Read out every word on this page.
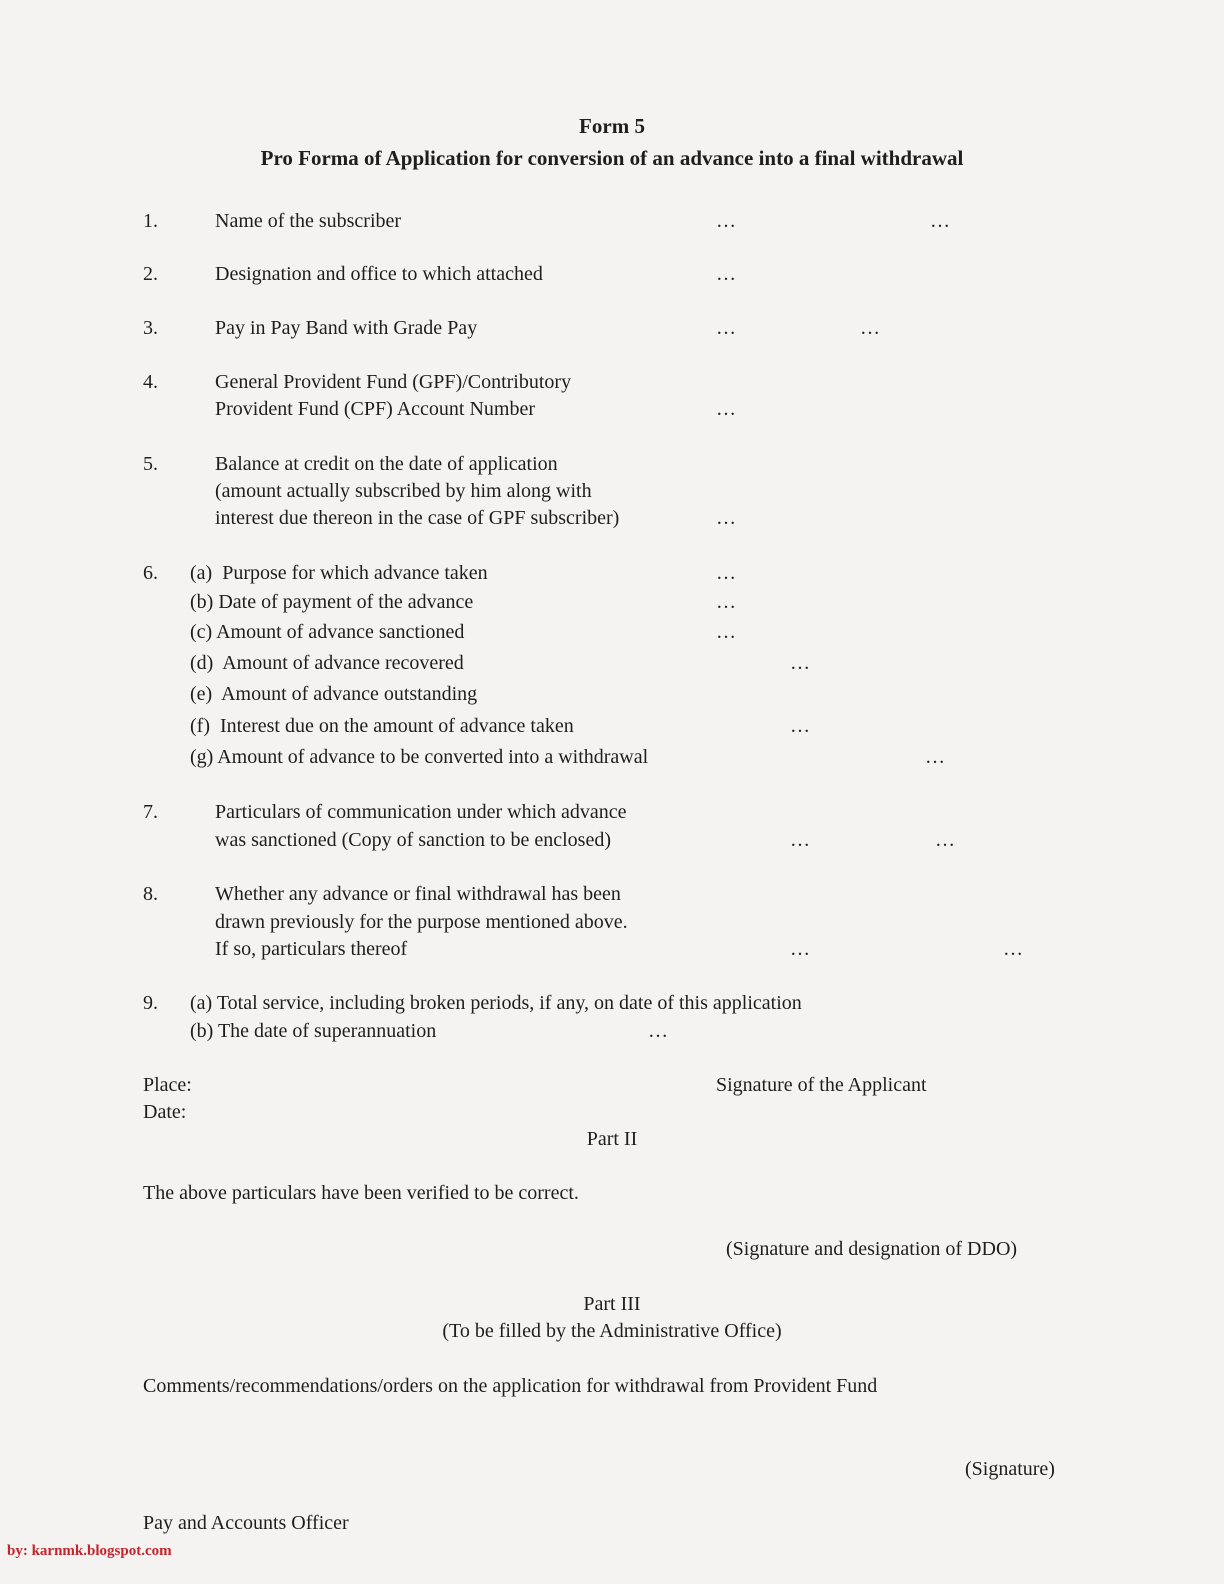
Form 5
Pro Forma of Application for conversion of an advance into a final withdrawal
1.	Name of the subscriber	…	…
2.	Designation and office to which attached	…
3.	Pay in Pay Band with Grade Pay	…	…
4.	General Provident Fund (GPF)/Contributory
Provident Fund (CPF) Account Number	…
5.	Balance at credit on the date of application
(amount actually subscribed by him along with
interest due thereon in the case of GPF subscriber)	…
6. (a)  Purpose for which advance taken	…
(b) Date of payment of the advance	…
(c) Amount of advance sanctioned	…
(d)  Amount of advance recovered	…
(e)  Amount of advance outstanding
(f)  Interest due on the amount of advance taken	…
(g) Amount of advance to be converted into a withdrawal	…
7.	Particulars of communication under which advance
was sanctioned (Copy of sanction to be enclosed)	…	…
8.	Whether any advance or final withdrawal has been
drawn previously for the purpose mentioned above.
If so, particulars thereof	…	…
9. (a) Total service, including broken periods, if any, on date of this application
(b) The date of superannuation	…
Place:	Signature of the Applicant
Date:
Part II
The above particulars have been verified to be correct.
(Signature and designation of DDO)
Part III
(To be filled by the Administrative Office)
Comments/recommendations/orders on the application for withdrawal from Provident Fund
(Signature)
Pay and Accounts Officer
by: karnmk.blogspot.com
